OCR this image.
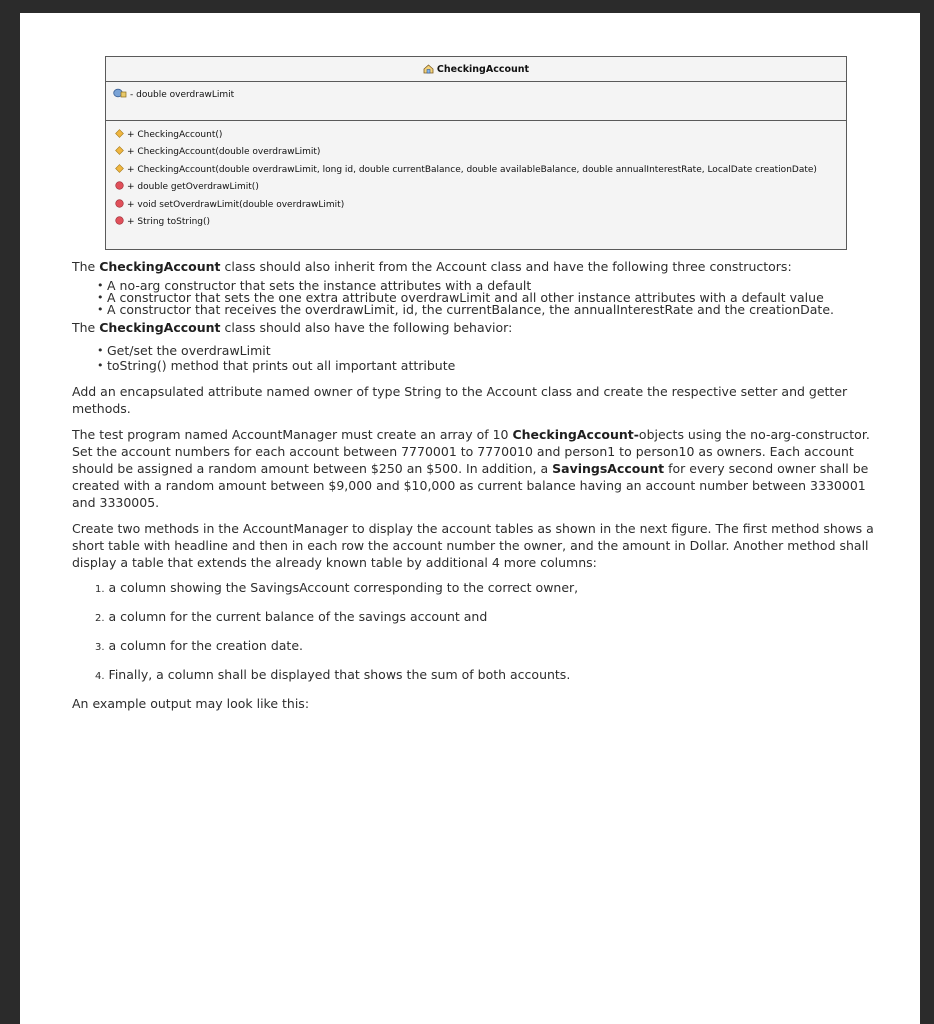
CheckingAccount
- double overdrawLimit
+ CheckingAccount()
+ CheckingAccount(double overdrawLimit)
+ CheckingAccount(double overdrawLimit, long id, double currentBalance, double availableBalance, double annualInterestRate, LocalDate creationDate)
+ double getOverdrawLimit()
+ void setOverdrawLimit(double overdrawLimit)
+ String toString()

The CheckingAccount class should also inherit from the Account class and have the following three constructors:

• A no-arg constructor that sets the instance attributes with a default
• A constructor that sets the one extra attribute overdrawLimit and all other instance attributes with a default value
• A constructor that receives the overdrawLimit, id, the currentBalance, the annualInterestRate and the creationDate.

The CheckingAccount class should also have the following behavior:

• Get/set the overdrawLimit
• toString() method that prints out all important attribute

Add an encapsulated attribute named owner of type String to the Account class and create the respective setter and getter methods.

The test program named AccountManager must create an array of 10 CheckingAccount-objects using the no-arg-constructor. Set the account numbers for each account between 7770001 to 7770010 and person1 to person10 as owners. Each account should be assigned a random amount between $250 an $500. In addition, a SavingsAccount for every second owner shall be created with a random amount between $9,000 and $10,000 as current balance having an account number between 3330001 and 3330005.

Create two methods in the AccountManager to display the account tables as shown in the next figure. The first method shows a short table with headline and then in each row the account number the owner, and the amount in Dollar. Another method shall display a table that extends the already known table by additional 4 more columns:

1. a column showing the SavingsAccount corresponding to the correct owner,
2. a column for the current balance of the savings account and
3. a column for the creation date.
4. Finally, a column shall be displayed that shows the sum of both accounts.

An example output may look like this:
